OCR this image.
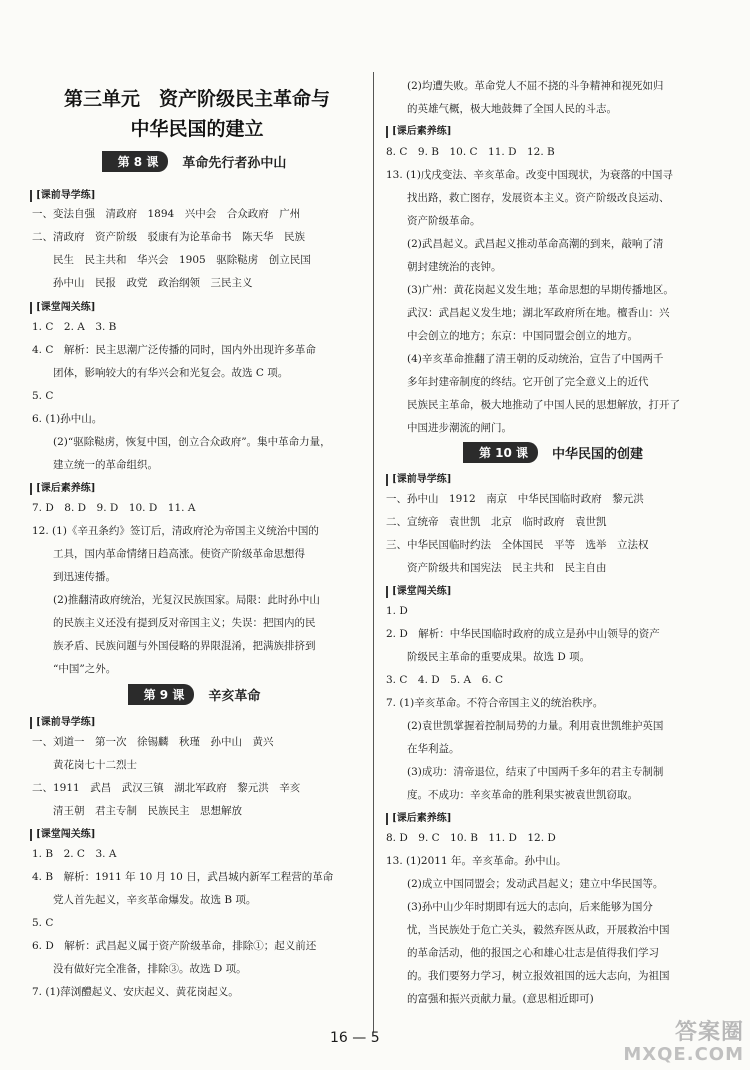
第三单元　资产阶级民主革命与
中华民国的建立
第 8 课	革命先行者孙中山
[课前导学练]
一、变法自强　清政府　1894　兴中会　合众政府　广州
二、清政府　资产阶级　驳康有为论革命书　陈天华　民族
　　民生　民主共和　华兴会　1905　驱除鞑虏　创立民国
　　孙中山　民报　政党　政治纲领　三民主义
[课堂闯关练]
1. C　2. A　3. B
4. C　解析：民主思潮广泛传播的同时，国内外出现许多革命
　　团体，影响较大的有华兴会和光复会。故选 C 项。
5. C
6. (1)孙中山。
　　(2)“驱除鞑虏，恢复中国，创立合众政府”。集中革命力量，
　　建立统一的革命组织。
[课后素养练]
7. D　8. D　9. D　10. D　11. A
12. (1)《辛丑条约》签订后，清政府沦为帝国主义统治中国的
　　工具，国内革命情绪日趋高涨。使资产阶级革命思想得
　　到迅速传播。
　　(2)推翻清政府统治，光复汉民族国家。局限：此时孙中山
　　的民族主义还没有提到反对帝国主义；失误：把国内的民
　　族矛盾、民族问题与外国侵略的界限混淆，把满族排挤到
　　“中国”之外。
第 9 课	辛亥革命
[课前导学练]
一、刘道一　第一次　徐锡麟　秋瑾　孙中山　黄兴
　　黄花岗七十二烈士
二、1911　武昌　武汉三镇　湖北军政府　黎元洪　辛亥
　　清王朝　君主专制　民族民主　思想解放
[课堂闯关练]
1. B　2. C　3. A
4. B　解析：1911 年 10 月 10 日，武昌城内新军工程营的革命
　　党人首先起义，辛亥革命爆发。故选 B 项。
5. C
6. D　解析：武昌起义属于资产阶级革命，排除①；起义前还
　　没有做好完全准备，排除③。故选 D 项。
7. (1)萍浏醴起义、安庆起义、黄花岗起义。
　　(2)均遭失败。革命党人不屈不挠的斗争精神和视死如归
　　的英雄气概，极大地鼓舞了全国人民的斗志。
[课后素养练]
8. C　9. B　10. C　11. D　12. B
13. (1)戊戌变法、辛亥革命。改变中国现状，为衰落的中国寻
　　找出路，救亡图存，发展资本主义。资产阶级改良运动、
　　资产阶级革命。
　　(2)武昌起义。武昌起义推动革命高潮的到来，敲响了清
　　朝封建统治的丧钟。
　　(3)广州：黄花岗起义发生地；革命思想的早期传播地区。
　　武汉：武昌起义发生地；湖北军政府所在地。檀香山：兴
　　中会创立的地方；东京：中国同盟会创立的地方。
　　(4)辛亥革命推翻了清王朝的反动统治，宣告了中国两千
　　多年封建帝制度的终结。它开创了完全意义上的近代
　　民族民主革命，极大地推动了中国人民的思想解放，打开了
　　中国进步潮流的闸门。
第 10 课	中华民国的创建
[课前导学练]
一、孙中山　1912　南京　中华民国临时政府　黎元洪
二、宣统帝　袁世凯　北京　临时政府　袁世凯
三、中华民国临时约法　全体国民　平等　选举　立法权
　　资产阶级共和国宪法　民主共和　民主自由
[课堂闯关练]
1. D
2. D　解析：中华民国临时政府的成立是孙中山领导的资产
　　阶级民主革命的重要成果。故选 D 项。
3. C　4. D　5. A　6. C
7. (1)辛亥革命。不符合帝国主义的统治秩序。
　　(2)袁世凯掌握着控制局势的力量。利用袁世凯维护英国
　　在华利益。
　　(3)成功：清帝退位，结束了中国两千多年的君主专制制
　　度。不成功：辛亥革命的胜利果实被袁世凯窃取。
[课后素养练]
8. D　9. C　10. B　11. D　12. D
13. (1)2011 年。辛亥革命。孙中山。
　　(2)成立中国同盟会；发动武昌起义；建立中华民国等。
　　(3)孙中山少年时期即有远大的志向，后来能够为国分
　　忧，当民族处于危亡关头，毅然弃医从政，开展救治中国
　　的革命活动，他的报国之心和雄心壮志是值得我们学习
　　的。我们要努力学习，树立报效祖国的远大志向，为祖国
　　的富强和振兴贡献力量。(意思相近即可)
16 — 5	答案圈
MXQE.COM
